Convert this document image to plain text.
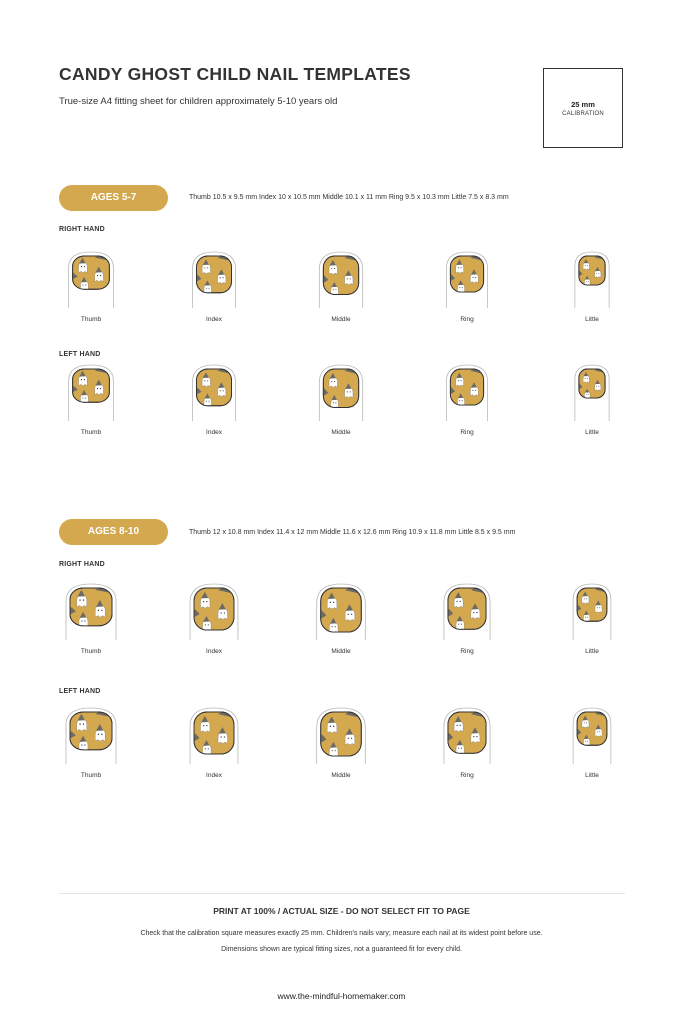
CANDY GHOST CHILD NAIL TEMPLATES
True-size A4 fitting sheet for children approximately 5-10 years old	25 mm
CALIBRATION
AGES 5-7	Thumb 10.5 x 9.5 mm Index 10 x 10.5 mm Middle 10.1 x 11 mm Ring 9.5 x 10.3 mm Little 7.5 x 8.3 mm
RIGHT HAND
LEFT HAND
AGES 8-10	Thumb 12 x 10.8 mm Index 11.4 x 12 mm Middle 11.6 x 12.6 mm Ring 10.9 x 11.8 mm Little 8.5 x 9.5 mm
RIGHT HAND
LEFT HAND
Thumb	Index	Middle	Ring	Little
Thumb	Index	Middle	Ring	Little
Thumb	Index	Middle	Ring	Little
Thumb	Index	Middle	Ring	Little
PRINT AT 100% / ACTUAL SIZE - DO NOT SELECT FIT TO PAGE
Check that the calibration square measures exactly 25 mm. Children's nails vary; measure each nail at its widest point before use.
Dimensions shown are typical fitting sizes, not a guaranteed fit for every child.
www.the-mindful-homemaker.com
